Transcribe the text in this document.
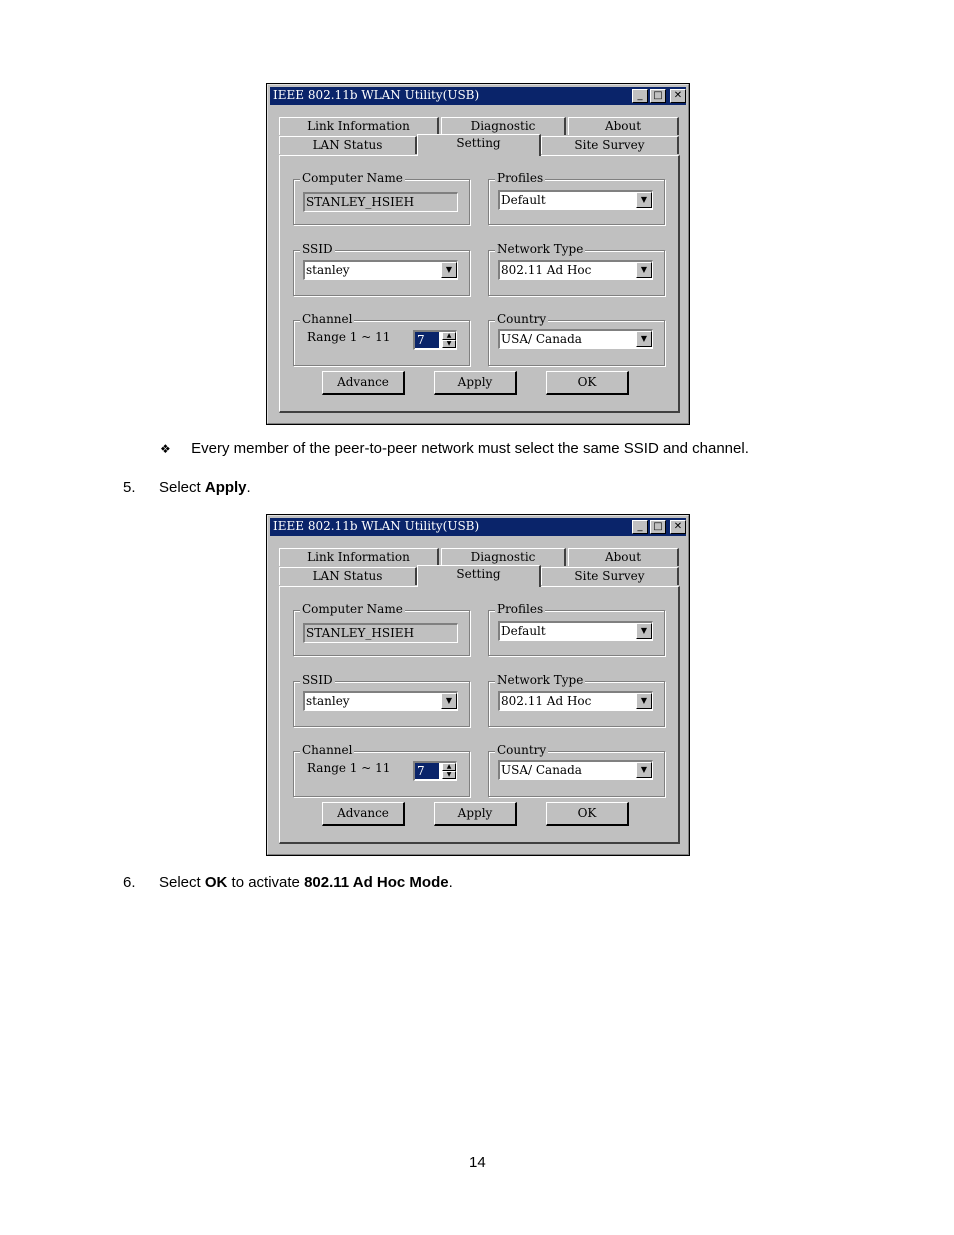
IEEE 802.11b WLAN Utility(USB)	_	□	✕
Link Information	Diagnostic	About
LAN Status	Setting	Site Survey
Computer Name
STANLEY_HSIEH
Profiles
Default	▼
SSID
stanley	▼
Network Type
802.11 Ad Hoc	▼
Channel
Range 1 ~ 11 7	▲
▼
Country
USA/ Canada	▼
Advance	Apply	OK
❖ Every member of the peer-to-peer network must select the same SSID and channel.
5. Select Apply.
IEEE 802.11b WLAN Utility(USB)	_	□	✕
Link Information	Diagnostic	About
LAN Status	Setting	Site Survey
Computer Name
STANLEY_HSIEH
Profiles
Default	▼
SSID
stanley	▼
Network Type
802.11 Ad Hoc	▼
Channel
Range 1 ~ 11 7	▲
▼
Country
USA/ Canada	▼
Advance	Apply	OK
6. Select OK to activate 802.11 Ad Hoc Mode.
14
